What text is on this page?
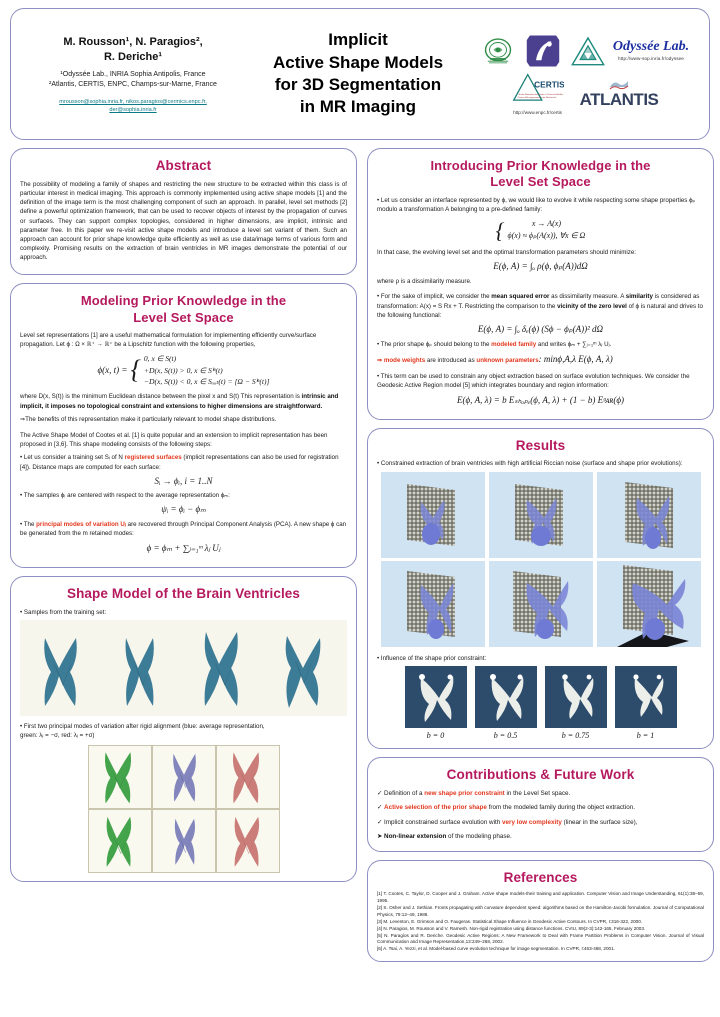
M. Rousson¹, N. Paragios²,
R. Deriche¹
¹Odyssée Lab., INRIA Sophia Antipolis, France
²Atlantis, CERTIS, ENPC, Champs-sur-Marne, France
mrousson@sophia.inria.fr, nikos.paragios@cermics.enpc.fr,
der@sophia.inria.fr
Implicit
Active Shape Models
for 3D Segmentation
in MR Imaging
Odyssée Lab.
http://www-sop.inria.fr/odyssee
CERTIS
Ecole Nationale des Ponts et Chauss\u00e9es
Centre d'Enseignement et de Recherche
http://www.enpc.fr/certis
ATLANTIS
Abstract

The possibility of modeling a family of shapes and restricting the new structure to be extracted within this class is of particular interest in medical imaging. This approach is commonly implemented using active shape models [1] and the definition of the image term is the most challenging component of such an approach. In parallel, level set methods [2] define a powerful optimization framework, that can be used to recover objects of interest by the propagation of curves or surfaces. They can support complex topologies, considered in higher dimensions, are implicit, intrinsic and parameter free. In this paper we re-visit active shape models and introduce a level set variant of them. Such an approach can account for prior shape knowledge quite efficiently as well as use data/image terms of various form and complexity. Promising results on the extraction of brain ventricles in MR images demonstrate the potential of our approach.

Modeling Prior Knowledge in the
Level Set Space

Level set representations [1] are a useful mathematical formulation for implementing efficiently curve/surface propagation. Let ϕ : Ω × ℝ⁺ → ℝ⁺ be a Lipschitz function with the following properties,

ϕ(x, t) = { 0, x ∈ S(t)
+D(x, S(t)) > 0, x ∈ Sⁱⁿ(t)
−D(x, S(t)) < 0, x ∈ Sₒᵤₜ(t) = [Ω − Sⁱⁿ(t)]

where D(x, S(t)) is the minimum Euclidean distance between the pixel x and S(t) This representation is intrinsic and implicit, it imposes no topological constraint and extensions to higher dimensions are straightforward.

⇒The benefits of this representation make it particularly relevant to model shape distributions.

The Active Shape Model of Cootes et al. [1] is quite popular and an extension to implicit representation has been proposed in [3,6]. This shape modeling consists of the following steps:

• Let us consider a training set Sᵢ of N registered surfaces (implicit representations can also be used for registration [4]). Distance maps are computed for each surface:

Sᵢ → ϕᵢ, i = 1..N

• The samples ϕᵢ are centered with respect to the average representation ϕₘ:

ψᵢ = ϕᵢ − ϕₘ

• The principal modes of variation Uⱼ are recovered through Principal Component Analysis (PCA). A new shape ϕ can be generated from the m retained modes:

ϕ = ϕₘ + ∑ⱼ₌₁ᵐ λⱼ Uⱼ
Shape Model of the Brain Ventricles

• Samples from the training set:

• First two principal modes of variation after rigid alignment (blue: average representation,
green: λⱼ = −σ, red: λⱼ = +σ)

Introducing Prior Knowledge in the
Level Set Space

• Let us consider an interface represented by ϕ, we would like to evolve it while respecting some shape properties ϕₚ modulo a transformation A belonging to a pre-defined family:

{	x → A(x)
ϕ(x) ≈ ϕₚ(A(x)), ∀x ∈ Ω

In that case, the evolving level set and the optimal transformation parameters should minimize:

E(ϕ, A) = ∫ₒ ρ(ϕ, ϕₚ(A))dΩ

where ρ is a dissimilarity measure.

• For the sake of implicit, we consider the mean squared error as dissimilarity measure. A similarity is considered as transformation: A(x) = S Rx + T. Restricting the comparison to the vicinity of the zero level of ϕ is natural and drives to the following functional:

E(ϕ, A) = ∫ₒ δₑ(ϕ) (Sϕ − ϕₚ(A))² dΩ

• The prior shape ϕₚ should belong to the modeled family and writes ϕₘ + ∑ⱼ₌₁ᵐ λⱼ Uⱼ.

⇒ mode weights are introduced as unknown parameters: minϕ,A,λ E(ϕ, A, λ)

• This term can be used to constrain any object extraction based on surface evolution techniques. We consider the Geodesic Active Region model [5] which integrates boundary and region information:

E(ϕ, A, λ) = b Eₛₕₐₚₑ(ϕ, A, λ) + (1 − b) Eᵍᴀʀ(ϕ)
Results

• Constrained extraction of brain ventricles with high artificial Riccian noise (surface and shape prior evolutions):

• Influence of the shape prior constraint:

b = 0	b = 0.5	b = 0.75	b = 1
Contributions & Future Work

✓ Definition of a new shape prior constraint in the Level Set space.

✓ Active selection of the prior shape from the modeled family during the object extraction.

✓ Implicit constrained surface evolution with very low complexity (linear in the surface size),

➤ Non-linear extension of the modeling phase.

References
[1] T. Cootes, C. Taylor, D. Cooper and J. Graham. Active shape models-their training and application. Computer Vision and Image Understanding, 61(1):38–59, 1995.
[2] S. Osher and J. Sethian. Fronts propagating with curvature dependent speed: algorithms based on the Hamilton-Jacobi formulation. Journal of Computational Physics, 79:12–49, 1988.
[3] M. Leventon, E. Grimson and O. Faugeras. Statistical Shape Influence in Geodesic Active Contours. In CVPR, I:316-322, 2000.
[4] N. Paragios, M. Rousson and V. Ramesh. Non-rigid registration using distance functions. CVIU, 89(2-3):142-165, February 2003.
[5] N. Paragios and R. Deriche. Geodesic Active Regions: A New Framework to Deal with Frame Partition Problems in Computer Vision. Journal of Visual Communication and Image Representation,13:249–268, 2002.
[6] A. Tsai, A. Yezzi, et al. Model-based curve evolution technique for image segmentation. In CVPR, I:463-468, 2001.
